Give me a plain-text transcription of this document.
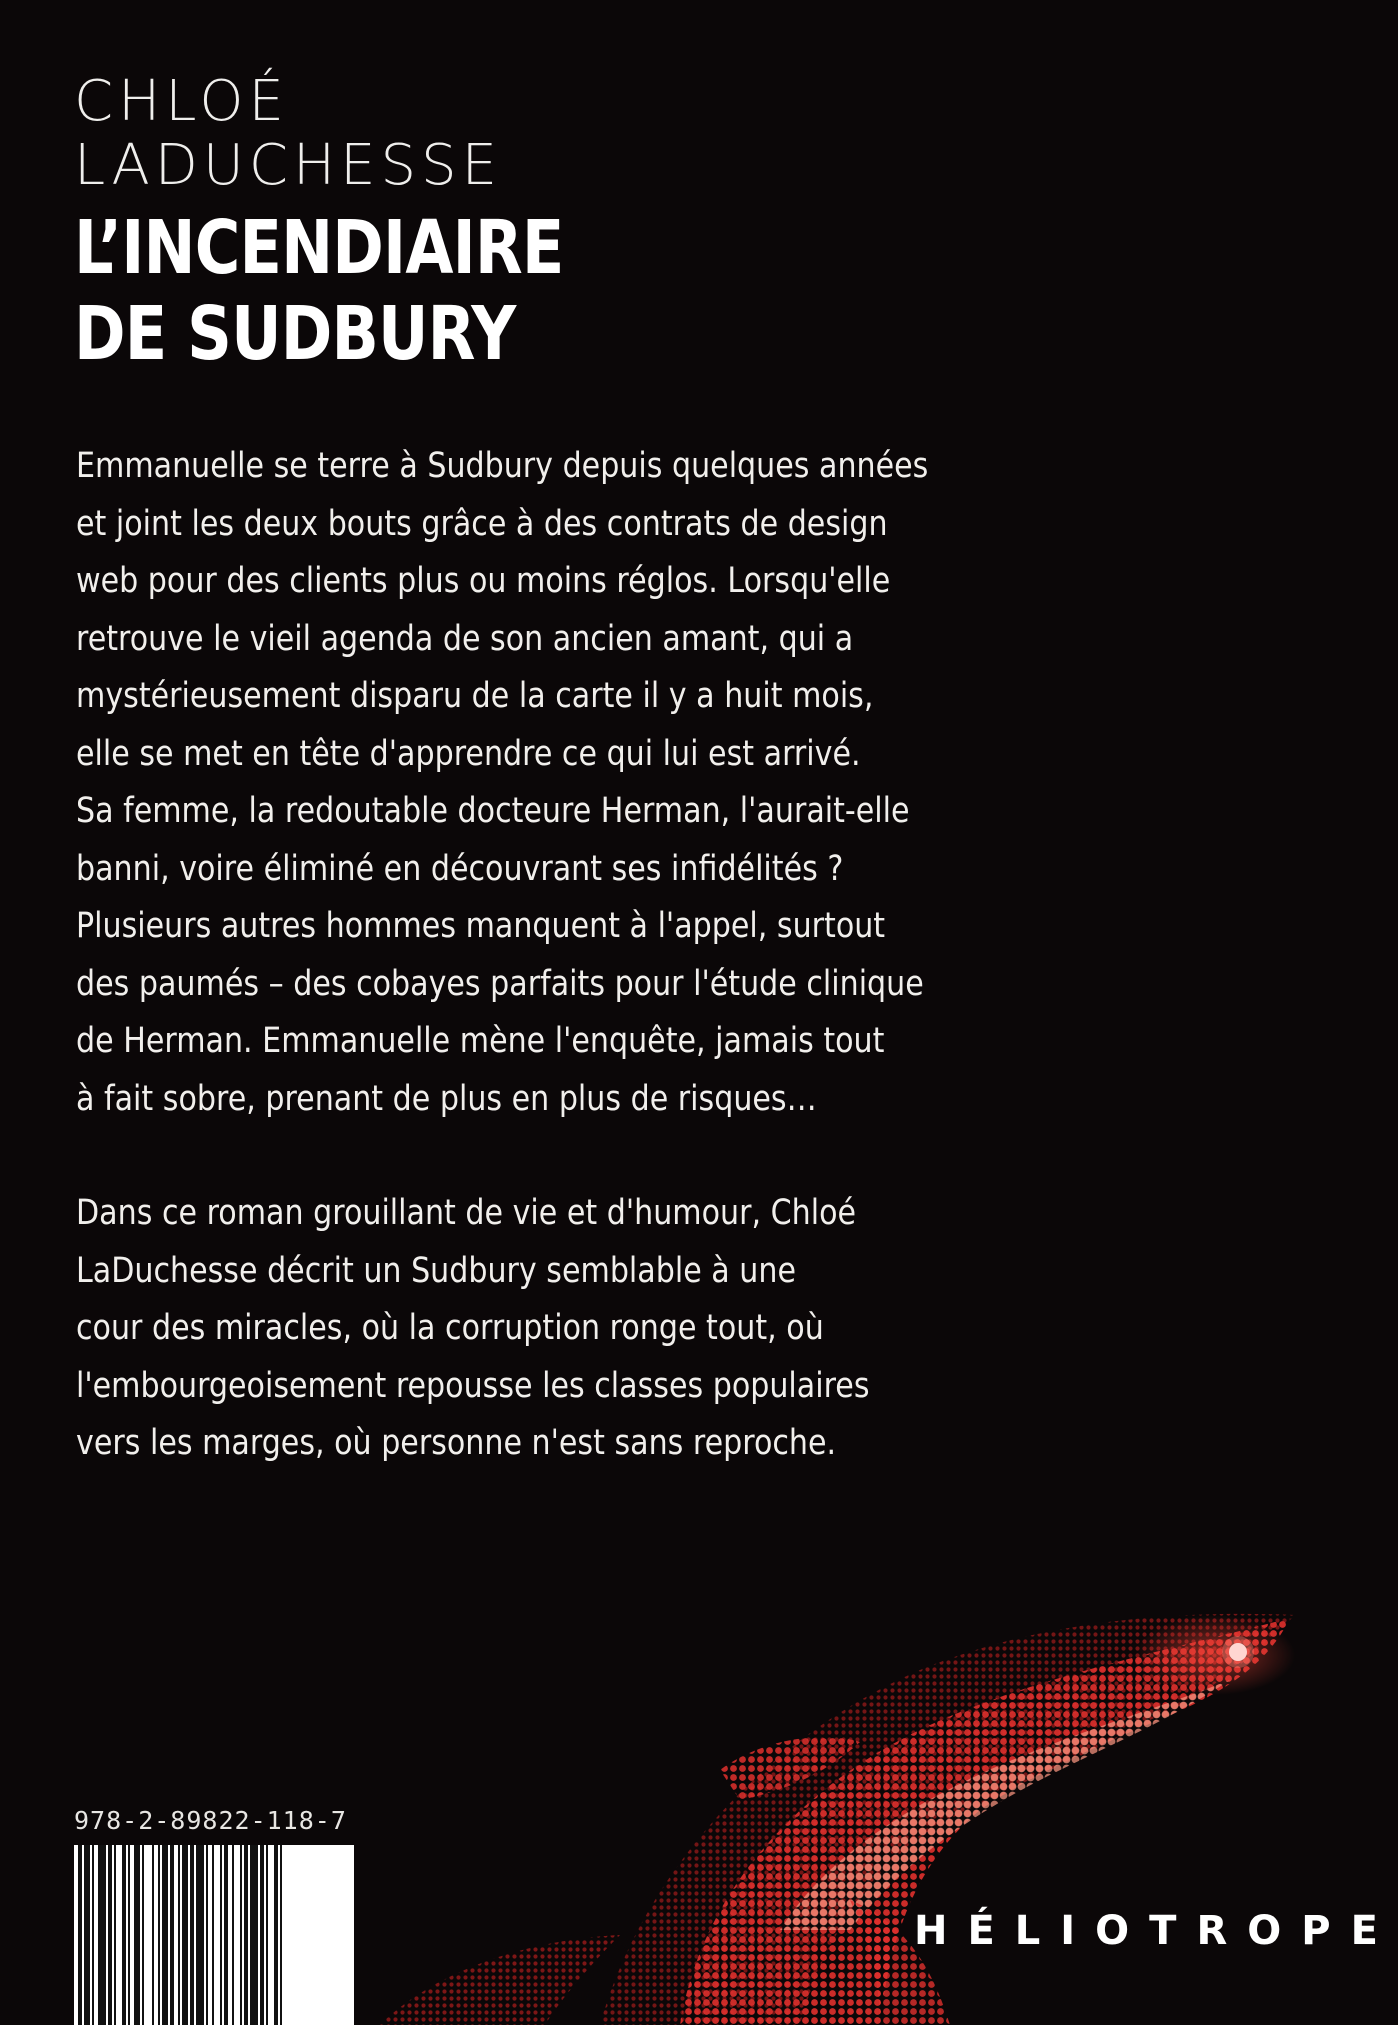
CHLOÉ
LADUCHESSE
L’INCENDIAIRE
DE SUDBURY

Emmanuelle se terre à Sudbury depuis quelques années

et joint les deux bouts grâce à des contrats de design

web pour des clients plus ou moins réglos. Lorsqu'elle

retrouve le vieil agenda de son ancien amant, qui a

mystérieusement disparu de la carte il y a huit mois,

elle se met en tête d'apprendre ce qui lui est arrivé.

Sa femme, la redoutable docteure Herman, l'aurait-elle

banni, voire éliminé en découvrant ses infidélités ?

Plusieurs autres hommes manquent à l'appel, surtout

des paumés – des cobayes parfaits pour l'étude clinique

de Herman. Emmanuelle mène l'enquête, jamais tout

à fait sobre, prenant de plus en plus de risques…

Dans ce roman grouillant de vie et d'humour, Chloé

LaDuchesse décrit un Sudbury semblable à une

cour des miracles, où la corruption ronge tout, où

l'embourgeoisement repousse les classes populaires

vers les marges, où personne n'est sans reproche.

978-2-89822-118-7

HÉLIOTROPE
